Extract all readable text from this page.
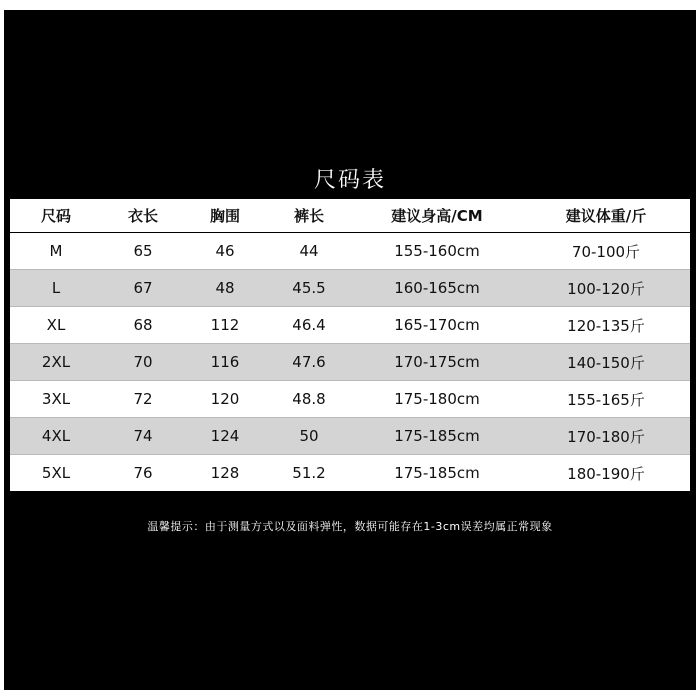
尺码表
尺码	衣长	胸围	裤长	建议身高/CM	建议体重/斤
M	65	46	44	155-160cm	70-100斤
L	67	48	45.5	160-165cm	100-120斤
XL	68	112	46.4	165-170cm	120-135斤
2XL	70	116	47.6	170-175cm	140-150斤
3XL	72	120	48.8	175-180cm	155-165斤
4XL	74	124	50	175-185cm	170-180斤
5XL	76	128	51.2	175-185cm	180-190斤
温馨提示：由于测量方式以及面料弹性，数据可能存在1-3cm误差均属正常现象
